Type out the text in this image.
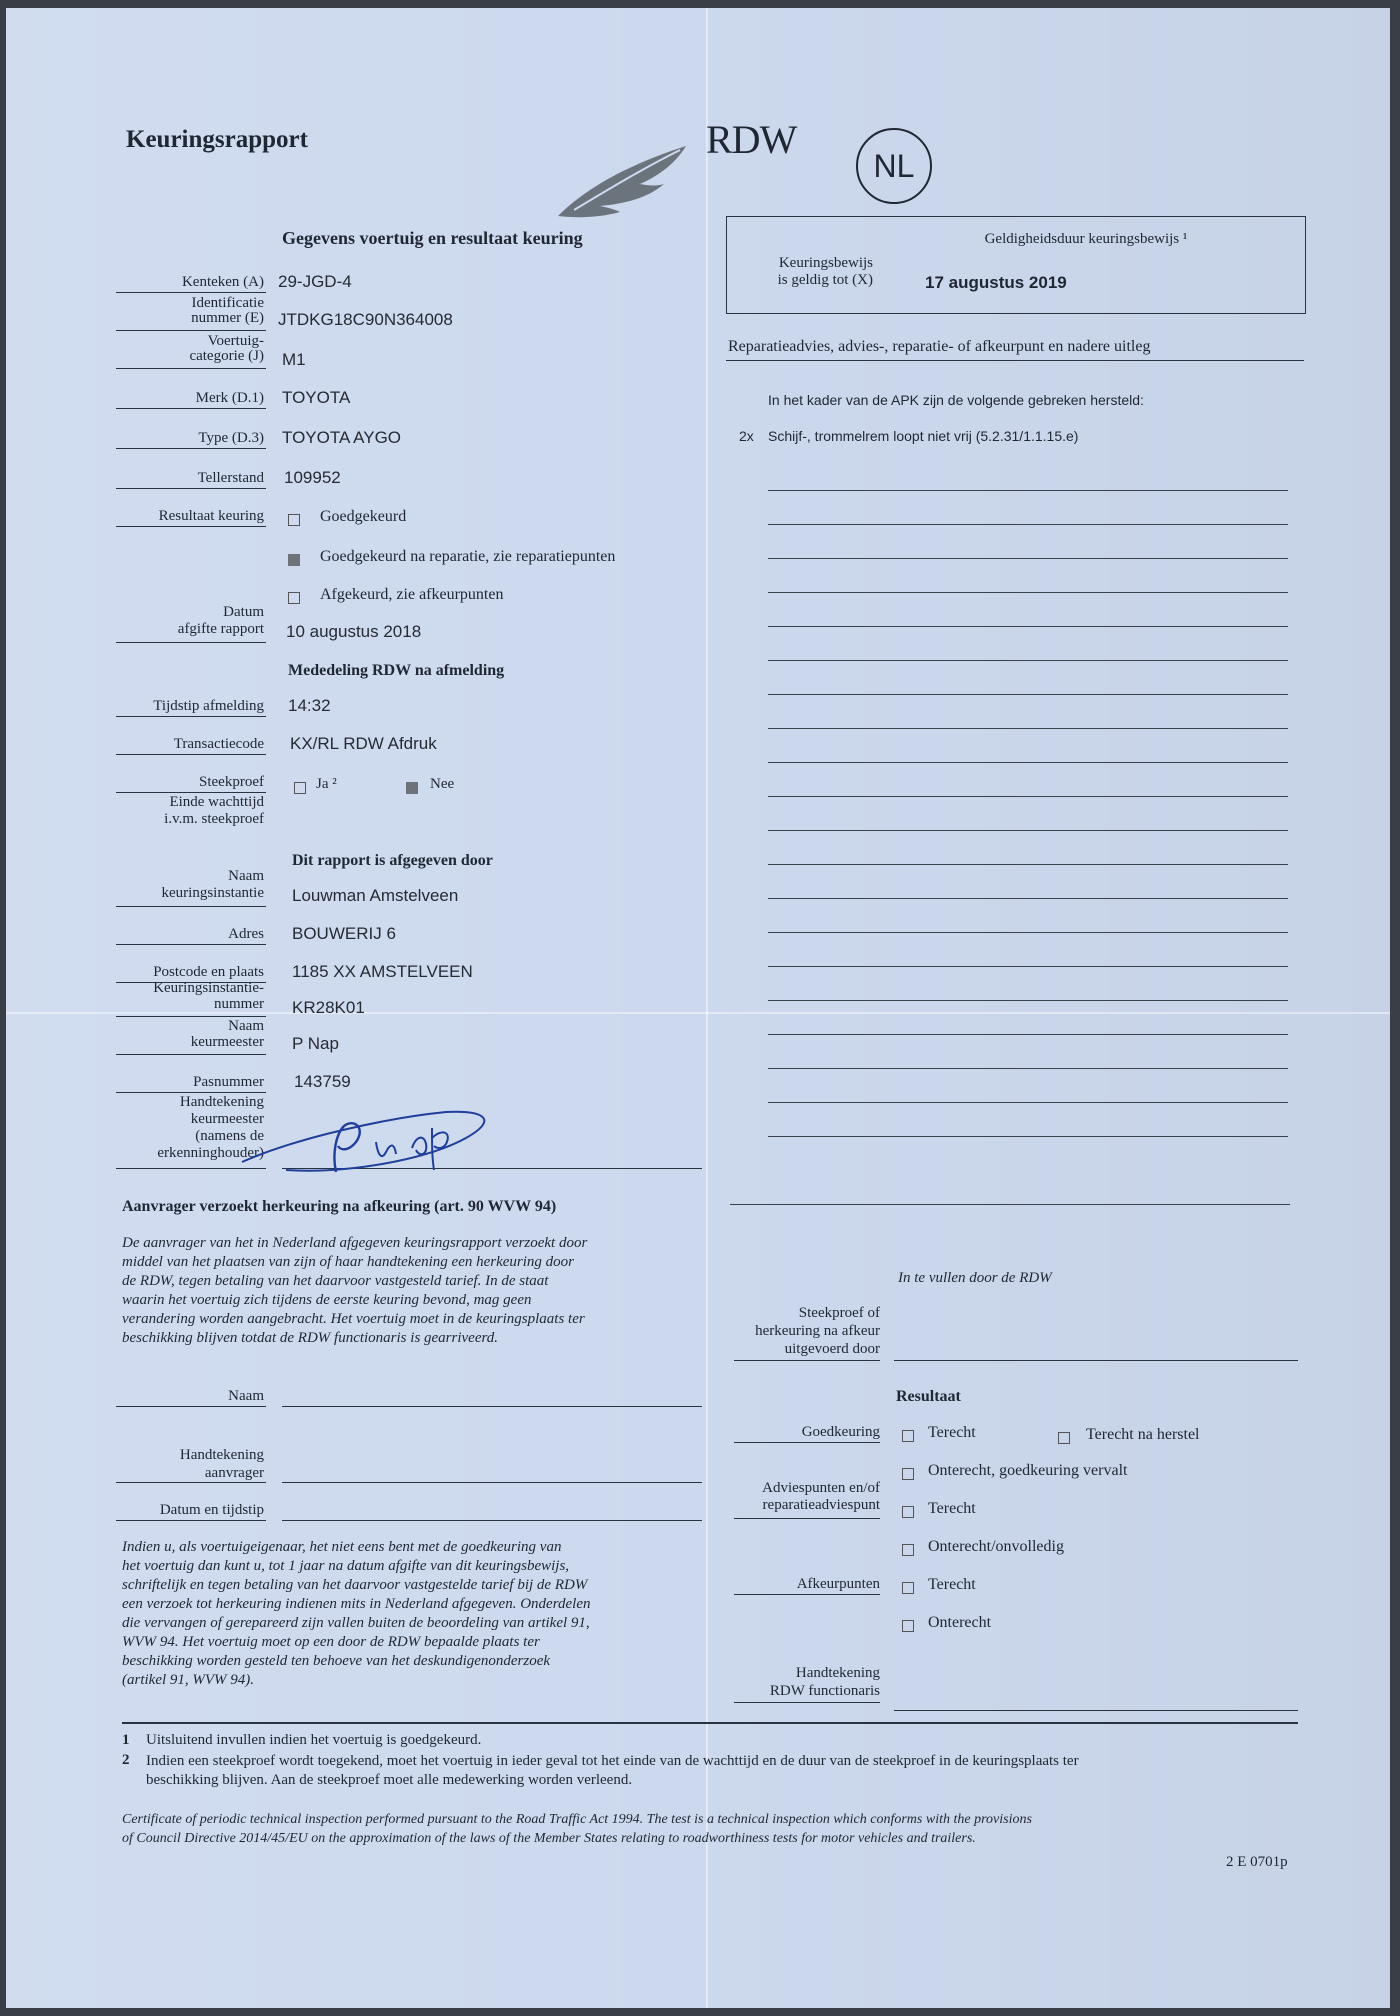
Keuringsrapport	RDW
NL
Gegevens voertuig en resultaat keuring
Kenteken (A) 29-JGD-4
Identificatie
nummer (E) JTDKG18C90N364008
Voertuig-
categorie (J) M1
Merk (D.1) TOYOTA
Type (D.3) TOYOTA AYGO
Tellerstand 109952
Resultaat keuring	Goedgekeurd
Goedgekeurd na reparatie, zie reparatiepunten
Afgekeurd, zie afkeurpunten
Datum
afgifte rapport 10 augustus 2018
Mededeling RDW na afmelding
Tijdstip afmelding 14:32
Transactiecode KX/RL RDW Afdruk
Steekproef	Ja ²	Nee
Einde wachttijd
i.v.m. steekproef
Dit rapport is afgegeven door
Naam
keuringsinstantie Louwman Amstelveen
Adres BOUWERIJ 6
Postcode en plaats 1185 XX AMSTELVEEN
Keuringsinstantie-
nummer KR28K01
Naam
keurmeester P Nap
Pasnummer 143759
Handtekening
keurmeester
(namens de
erkenninghouder)
Aanvrager verzoekt herkeuring na afkeuring (art. 90 WVW 94)
De aanvrager van het in Nederland afgegeven keuringsrapport verzoekt door
middel van het plaatsen van zijn of haar handtekening een herkeuring door
de RDW, tegen betaling van het daarvoor vastgesteld tarief. In de staat
waarin het voertuig zich tijdens de eerste keuring bevond, mag geen
verandering worden aangebracht. Het voertuig moet in de keuringsplaats ter
beschikking blijven totdat de RDW functionaris is gearriveerd.
Naam
Handtekening
aanvrager
Datum en tijdstip
Indien u, als voertuigeigenaar, het niet eens bent met de goedkeuring van
het voertuig dan kunt u, tot 1 jaar na datum afgifte van dit keuringsbewijs,
schriftelijk en tegen betaling van het daarvoor vastgestelde tarief bij de RDW
een verzoek tot herkeuring indienen mits in Nederland afgegeven. Onderdelen
die vervangen of gerepareerd zijn vallen buiten de beoordeling van artikel 91,
WVW 94. Het voertuig moet op een door de RDW bepaalde plaats ter
beschikking worden gesteld ten behoeve van het deskundigenonderzoek
(artikel 91, WVW 94).
Geldigheidsduur keuringsbewijs ¹
Keuringsbewijs
is geldig tot (X)	17 augustus 2019
Reparatieadvies, advies-, reparatie- of afkeurpunt en nadere uitleg
In het kader van de APK zijn de volgende gebreken hersteld:
2x Schijf-, trommelrem loopt niet vrij (5.2.31/1.1.15.e)
In te vullen door de RDW
Steekproef of
herkeuring na afkeur
uitgevoerd door
Resultaat
Goedkeuring	Terecht	Terecht na herstel
Onterecht, goedkeuring vervalt
Adviespunten en/of
reparatieadviespunt	Terecht
Onterecht/onvolledig
Afkeurpunten	Terecht
Onterecht
Handtekening
RDW functionaris
1 Uitsluitend invullen indien het voertuig is goedgekeurd.
2 Indien een steekproef wordt toegekend, moet het voertuig in ieder geval tot het einde van de wachttijd en de duur van de steekproef in de keuringsplaats ter
beschikking blijven. Aan de steekproef moet alle medewerking worden verleend.
Certificate of periodic technical inspection performed pursuant to the Road Traffic Act 1994. The test is a technical inspection which conforms with the provisions
of Council Directive 2014/45/EU on the approximation of the laws of the Member States relating to roadworthiness tests for motor vehicles and trailers.
2 E 0701p
